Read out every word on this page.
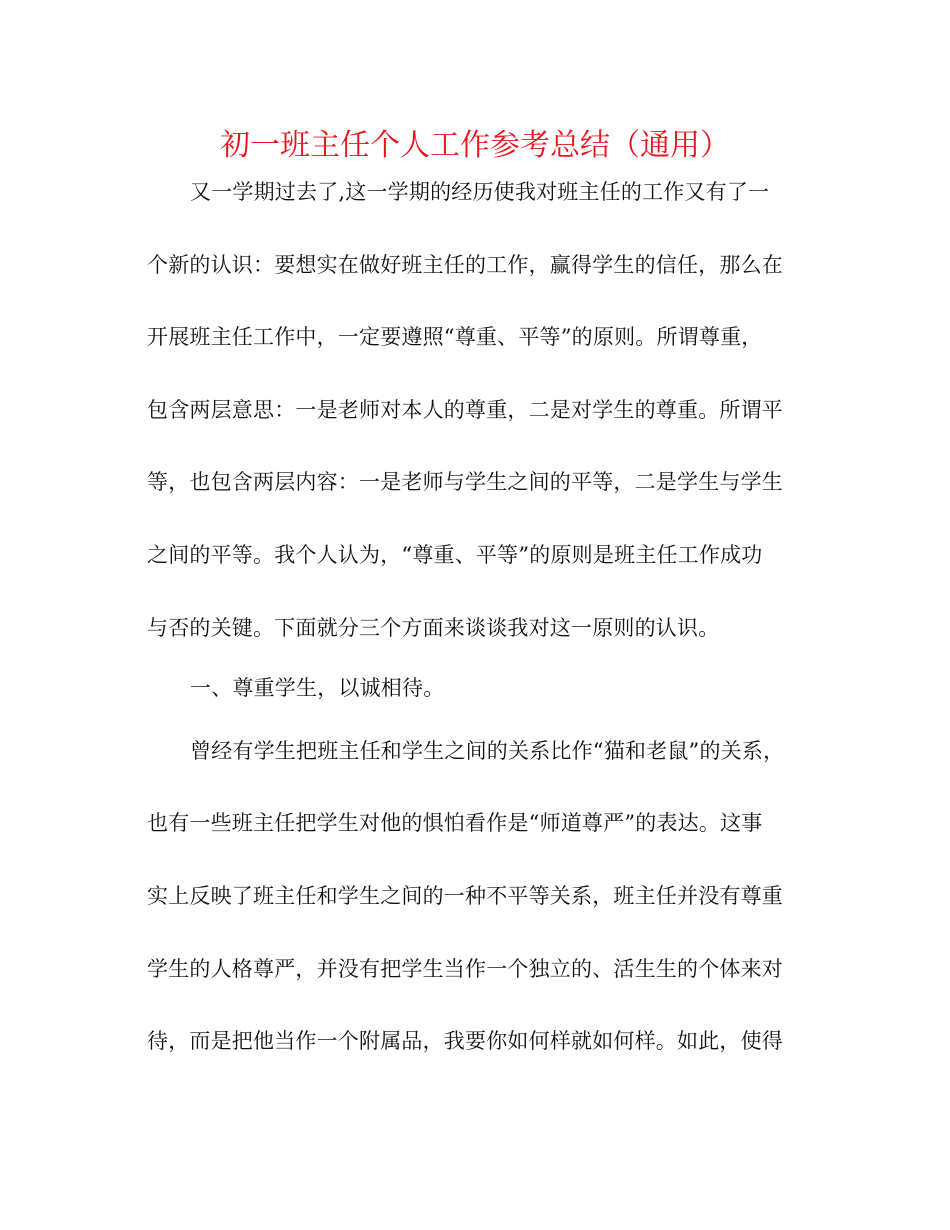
初一班主任个人工作参考总结（通用）
又一学期过去了,这一学期的经历使我对班主任的工作又有了一
个新的认识：要想实在做好班主任的工作，赢得学生的信任，那么在
开展班主任工作中，一定要遵照“尊重、平等”的原则。所谓尊重，
包含两层意思：一是老师对本人的尊重，二是对学生的尊重。所谓平
等，也包含两层内容：一是老师与学生之间的平等，二是学生与学生
之间的平等。我个人认为，“尊重、平等”的原则是班主任工作成功
与否的关键。下面就分三个方面来谈谈我对这一原则的认识。
一、尊重学生，以诚相待。
曾经有学生把班主任和学生之间的关系比作“猫和老鼠”的关系，
也有一些班主任把学生对他的惧怕看作是“师道尊严”的表达。这事
实上反映了班主任和学生之间的一种不平等关系，班主任并没有尊重
学生的人格尊严，并没有把学生当作一个独立的、活生生的个体来对
待，而是把他当作一个附属品，我要你如何样就如何样。如此，使得
